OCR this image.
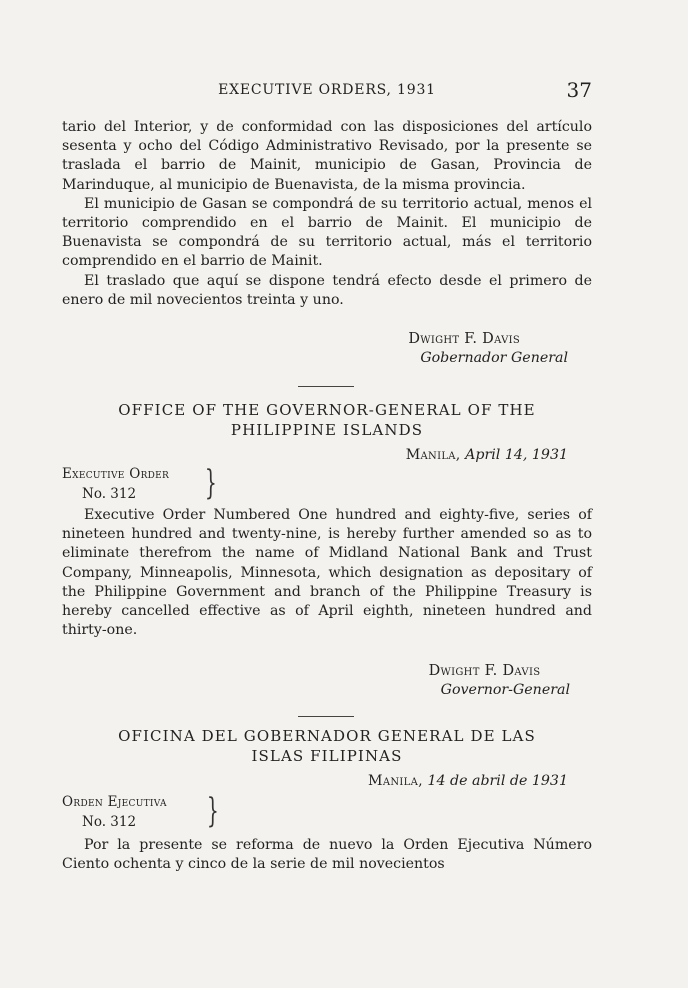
EXECUTIVE ORDERS, 1931	37

tario del Interior, y de conformidad con las disposiciones del artículo sesenta y ocho del Código Administrativo Revisado, por la presente se traslada el barrio de Mainit, municipio de Gasan, Provincia de Marinduque, al municipio de Buenavista, de la misma provincia.

El municipio de Gasan se compondrá de su territorio actual, menos el territorio comprendido en el barrio de Mainit. El municipio de Buenavista se compondrá de su territorio actual, más el territorio comprendido en el barrio de Mainit.

El traslado que aquí se dispone tendrá efecto desde el primero de enero de mil novecientos treinta y uno.

Dwight F. Davis
Gobernador General
OFFICE OF THE GOVERNOR-GENERAL OF THE
PHILIPPINE ISLANDS
Manila, April 14, 1931
Executive Order
No. 312	}

Executive Order Numbered One hundred and eighty-five, series of nineteen hundred and twenty-nine, is hereby further amended so as to eliminate therefrom the name of Midland National Bank and Trust Company, Minneapolis, Minnesota, which designation as depositary of the Philippine Government and branch of the Philippine Treasury is hereby cancelled effective as of April eighth, nineteen hundred and thirty-one.

Dwight F. Davis
Governor-General
OFICINA DEL GOBERNADOR GENERAL DE LAS
ISLAS FILIPINAS
Manila, 14 de abril de 1931
Orden Ejecutiva
No. 312	}

Por la presente se reforma de nuevo la Orden Ejecutiva Número Ciento ochenta y cinco de la serie de mil novecientos
